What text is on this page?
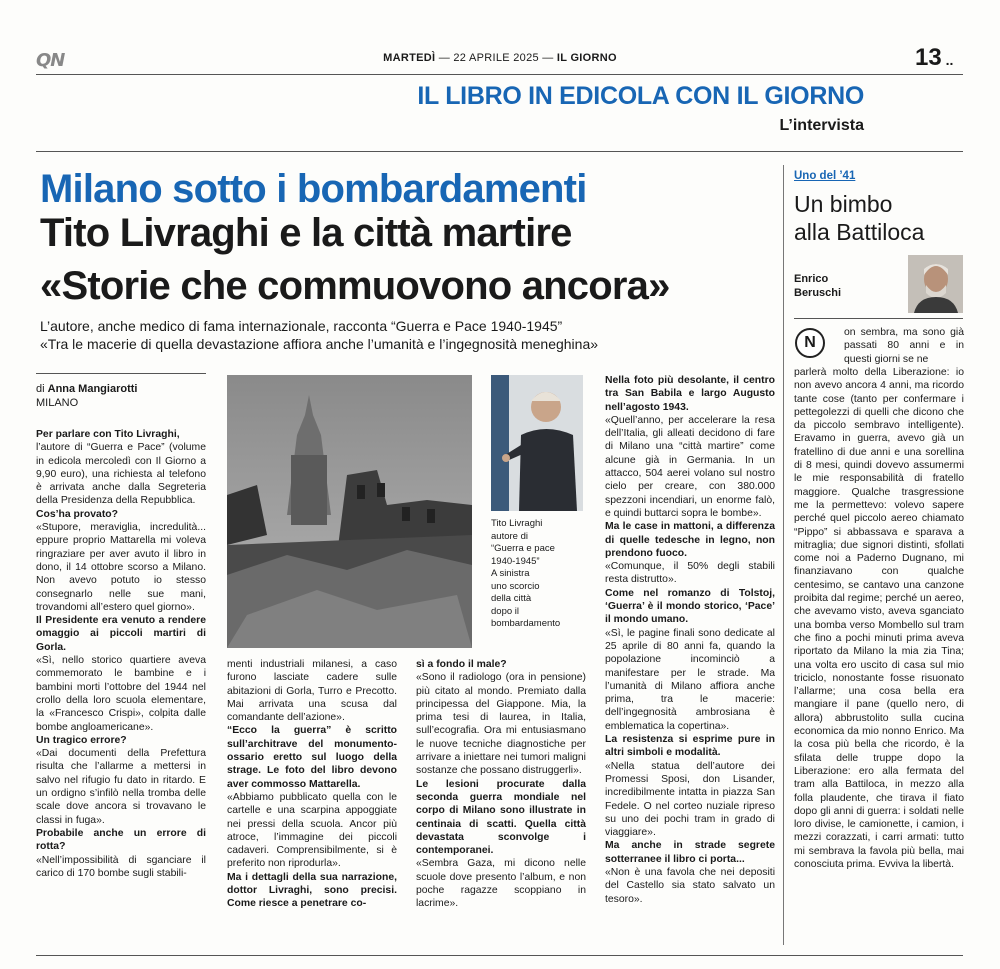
QN	MARTEDÌ — 22 APRILE 2025 — IL GIORNO	13 ..
IL LIBRO IN EDICOLA CON IL GIORNO
L’intervista
Milano sotto i bombardamenti
Tito Livraghi e la città martire
«Storie che commuovono ancora»
L’autore, anche medico di fama internazionale, racconta “Guerra e Pace 1940-1945”
«Tra le macerie di quella devastazione affiora anche l’umanità e l’ingegnosità meneghina»
di Anna Mangiarotti
MILANO

Per parlare con Tito Livraghi,

l’autore di “Guerra e Pace” (volume in edicola mercoledì con Il Giorno a 9,90 euro), una richiesta al telefono è arrivata anche dalla Segreteria della Presidenza della Repubblica.

Cos’ha provato?

«Stupore, meraviglia, incredulità... eppure proprio Mattarella mi voleva ringraziare per aver avuto il libro in dono, il 14 ottobre scorso a Milano. Non avevo potuto io stesso consegnarlo nelle sue mani, trovandomi all’estero quel giorno».

Il Presidente era venuto a rendere omaggio ai piccoli martiri di Gorla.

«Sì, nello storico quartiere aveva commemorato le bambine e i bambini morti l’ottobre del 1944 nel crollo della loro scuola elementare, la «Francesco Crispi», colpita dalle bombe angloamericane».

Un tragico errore?

«Dai documenti della Prefettura risulta che l’allarme a mettersi in salvo nel rifugio fu dato in ritardo. E un ordigno s’infilò nella tromba delle scale dove ancora si trovavano le classi in fuga».

Probabile anche un errore di rotta?

«Nell’impossibilità di sganciare il carico di 170 bombe sugli stabili-

Tito Livraghi
autore di
“Guerra e pace
1940-1945”
A sinistra
uno scorcio
della città
dopo il
bombardamento

menti industriali milanesi, a caso furono lasciate cadere sulle abitazioni di Gorla, Turro e Precotto. Mai arrivata una scusa dal comandante dell’azione».

“Ecco la guerra” è scritto sull’architrave del monumento-ossario eretto sul luogo della strage. Le foto del libro devono aver commosso Mattarella.

«Abbiamo pubblicato quella con le cartelle e una scarpina appoggiate nei pressi della scuola. Ancor più atroce, l’immagine dei piccoli cadaveri. Comprensibilmente, si è preferito non riprodurla».

Ma i dettagli della sua narrazione, dottor Livraghi, sono precisi. Come riesce a penetrare co-

sì a fondo il male?

«Sono il radiologo (ora in pensione) più citato al mondo. Premiato dalla principessa del Giappone. Mia, la prima tesi di laurea, in Italia, sull’ecografia. Ora mi entusiasmano le nuove tecniche diagnostiche per arrivare a iniettare nei tumori maligni sostanze che possano distruggerli».

Le lesioni procurate dalla seconda guerra mondiale nel corpo di Milano sono illustrate in centinaia di scatti. Quella città devastata sconvolge i contemporanei.

«Sembra Gaza, mi dicono nelle scuole dove presento l’album, e non poche ragazze scoppiano in lacrime».

Nella foto più desolante, il centro tra San Babila e largo Augusto nell’agosto 1943.

«Quell’anno, per accelerare la resa dell’Italia, gli alleati decidono di fare di Milano una “città martire” come alcune già in Germania. In un attacco, 504 aerei volano sul nostro cielo per creare, con 380.000 spezzoni incendiari, un enorme falò, e quindi buttarci sopra le bombe».

Ma le case in mattoni, a differenza di quelle tedesche in legno, non prendono fuoco.

«Comunque, il 50% degli stabili resta distrutto».

Come nel romanzo di Tolstoj, ‘Guerra’ è il mondo storico, ‘Pace’ il mondo umano.

«Sì, le pagine finali sono dedicate al 25 aprile di 80 anni fa, quando la popolazione incominciò a manifestare per le strade. Ma l’umanità di Milano affiora anche prima, tra le macerie: dell’ingegnosità ambrosiana è emblematica la copertina».

La resistenza si esprime pure in altri simboli e modalità.

«Nella statua dell’autore dei Promessi Sposi, don Lisander, incredibilmente intatta in piazza San Fedele. O nel corteo nuziale ripreso su uno dei pochi tram in grado di viaggiare».

Ma anche in strade segrete sotterranee il libro ci porta...

«Non è una favola che nei depositi del Castello sia stato salvato un tesoro».

Uno del ’41
Un bimbo
alla Battiloca
Enrico
Beruschi
N
on sembra, ma sono già passati 80 anni e in questi giorni se ne
parlerà molto della Liberazione: io non avevo ancora 4 anni, ma ricordo tante cose (tanto per confermare i pettegolezzi di quelli che dicono che da piccolo sembravo intelligente). Eravamo in guerra, avevo già un fratellino di due anni e una sorellina di 8 mesi, quindi dovevo assumermi le mie responsabilità di fratello maggiore. Qualche trasgressione me la permettevo: volevo sapere perché quel piccolo aereo chiamato “Pippo” si abbassava e sparava a mitraglia; due signori distinti, sfollati come noi a Paderno Dugnano, mi finanziavano con qualche centesimo, se cantavo una canzone proibita dal regime; perché un aereo, che avevamo visto, aveva sganciato una bomba verso Mombello sul tram che fino a pochi minuti prima aveva riportato da Milano la mia zia Tina; una volta ero uscito di casa sul mio triciclo, nonostante fosse risuonato l’allarme; una cosa bella era mangiare il pane (quello nero, di allora) abbrustolito sulla cucina economica da mio nonno Enrico. Ma la cosa più bella che ricordo, è la sfilata delle truppe dopo la Liberazione: ero alla fermata del tram alla Battiloca, in mezzo alla folla plaudente, che tirava il fiato dopo gli anni di guerra: i soldati nelle loro divise, le camionette, i camion, i mezzi corazzati, i carri armati: tutto mi sembrava la favola più bella, mai conosciuta prima. Evviva la libertà.
